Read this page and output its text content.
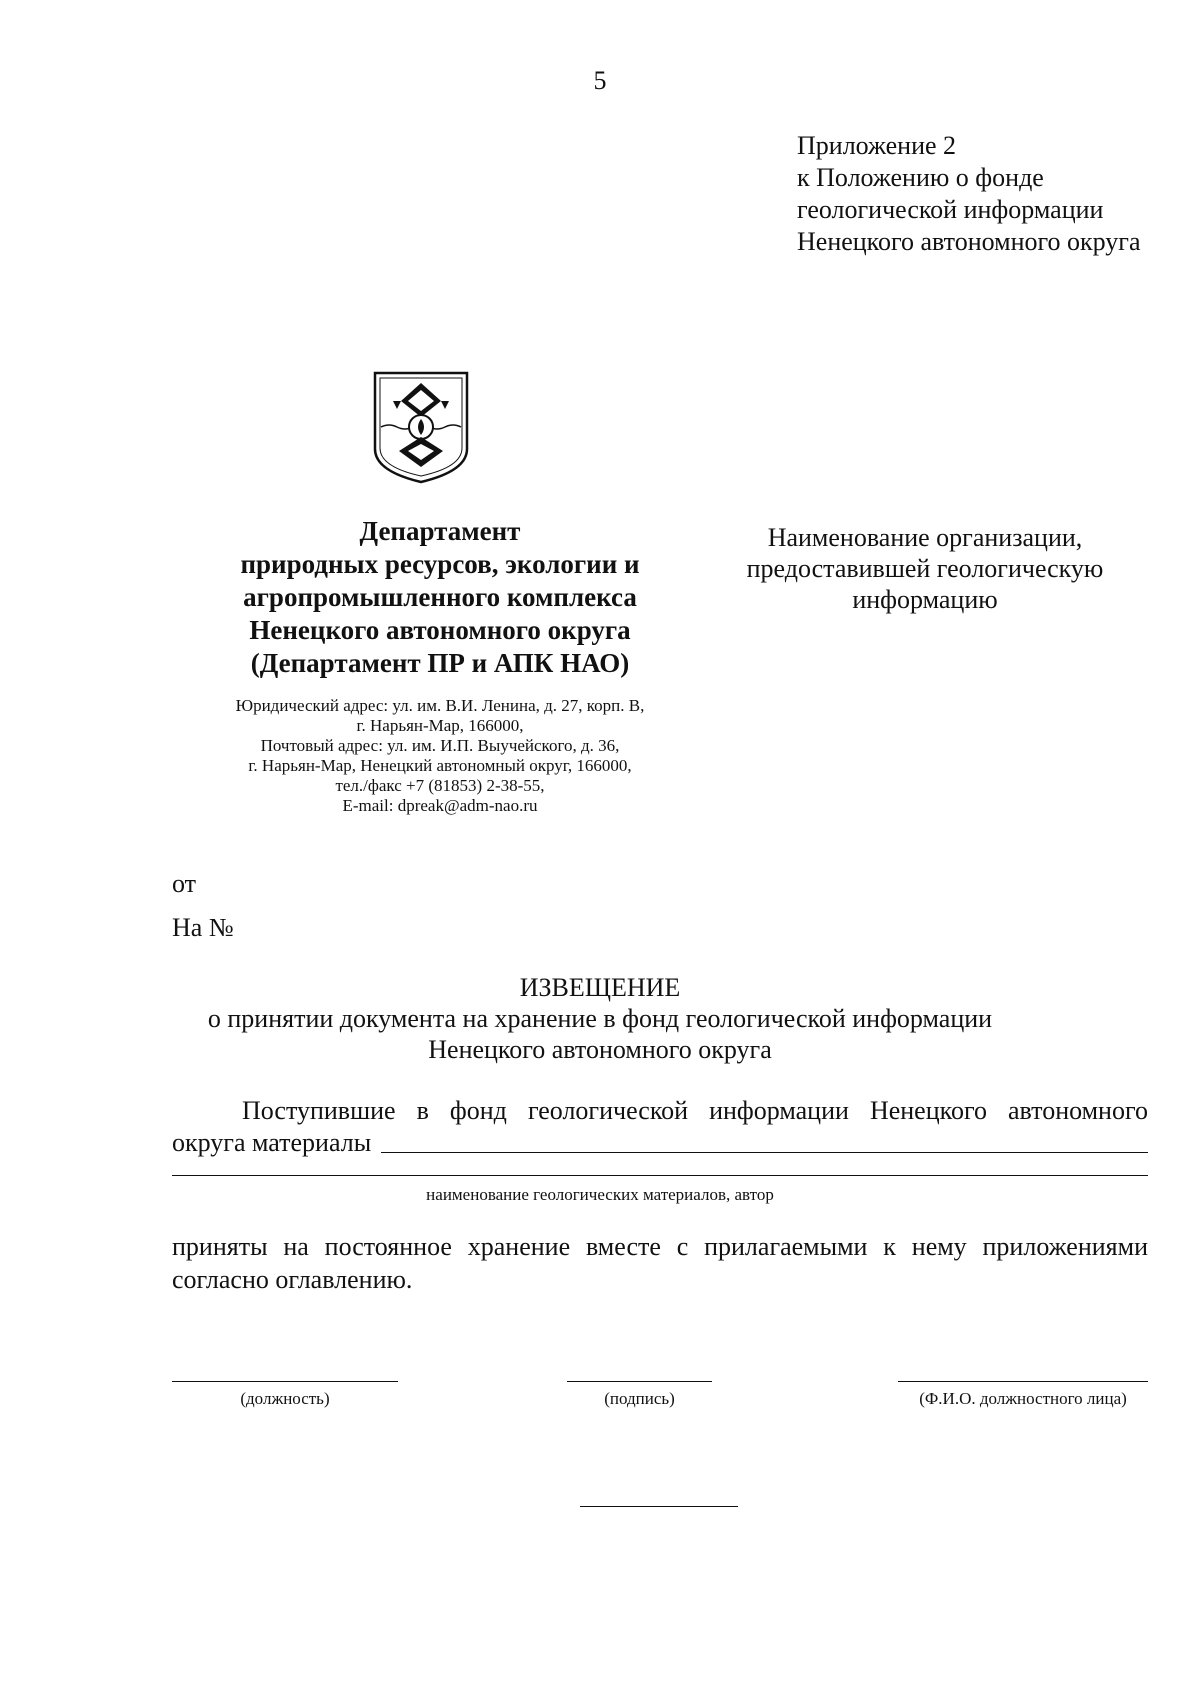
5
Приложение 2
к Положению о фонде
геологической информации
Ненецкого автономного округа
Департамент
природных ресурсов, экологии и
агропромышленного комплекса
Ненецкого автономного округа
(Департамент ПР и АПК НАО)
Юридический адрес: ул. им. В.И. Ленина, д. 27, корп. В,
г. Нарьян-Мар, 166000,
Почтовый адрес: ул. им. И.П. Выучейского, д. 36,
г. Нарьян-Мар, Ненецкий автономный округ, 166000,
тел./факс +7 (81853) 2-38-55,
E-mail: dpreak@adm-nao.ru
Наименование организации,
предоставившей геологическую
информацию
от
На №
ИЗВЕЩЕНИЕ
о принятии документа на хранение в фонд геологической информации
Ненецкого автономного округа
Поступившие в фонд геологической информации Ненецкого автономного
округа материалы
наименование геологических материалов, автор
приняты на постоянное хранение вместе с прилагаемыми к нему приложениями
согласно оглавлению.
(должность)	(подпись)	(Ф.И.О. должностного лица)
